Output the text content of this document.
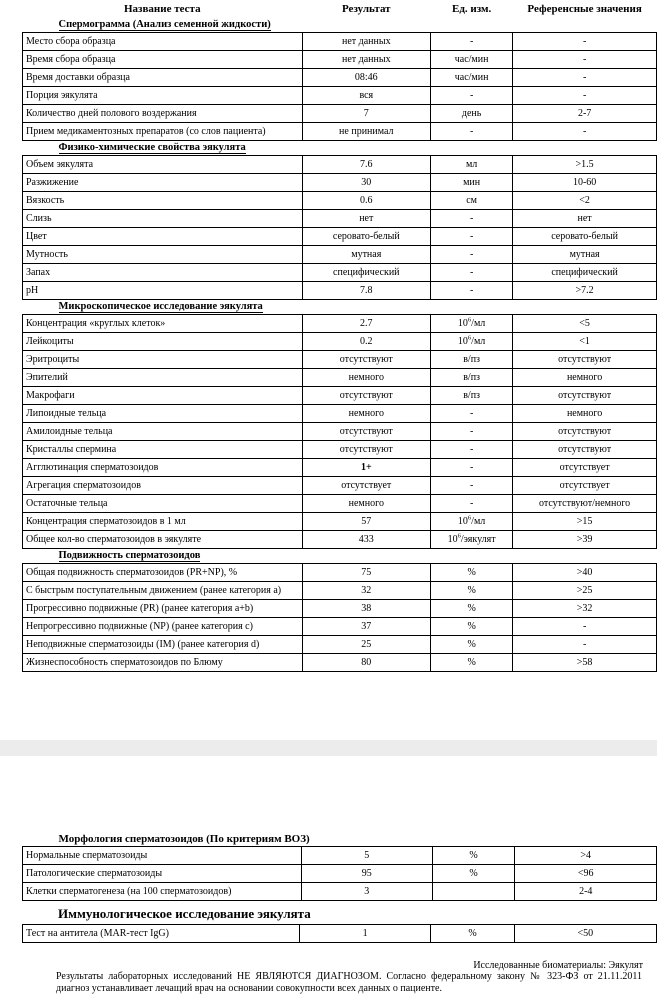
Название теста	Результат	Ед. изм.	Референсные значения
Спермограмма (Анализ семенной жидкости)			
Место сбора образца	нет данных	-	-
Время сбора образца	нет данных	час/мин	-
Время доставки образца	08:46	час/мин	-
Порция эякулята	вся	-	-
Количество дней полового воздержания	7	день	2-7
Прием медикаментозных препаратов (со слов пациента)	не принимал	-	-
Физико-химические свойства эякулята			
Объем эякулята	7.6	мл	>1.5
Разжижение	30	мин	10-60
Вязкость	0.6	см	<2
Слизь	нет	-	нет
Цвет	серовато-белый	-	серовато-белый
Мутность	мутная	-	мутная
Запах	специфический	-	специфический
pH	7.8	-	>7.2
Микроскопическое исследование эякулята			
Концентрация «круглых клеток»	2.7	$10^6/мл$	<5
Лейкоциты	0.2	$10^6/мл$	<1
Эритроциты	отсутствуют	в/пз	отсутствуют
Эпителий	немного	в/пз	немного
Макрофаги	отсутствуют	в/пз	отсутствуют
Липоидные тельца	немного	-	немного
Амилоидные тельца	отсутствуют	-	отсутствуют
Кристаллы спермина	отсутствуют	-	отсутствуют
Агглютинация сперматозоидов	1+	-	отсутствует
Агрегация сперматозоидов	отсутствует	-	отсутствует
Остаточные тельца	немного	-	отсутствуют/немного
Концентрация сперматозоидов в 1 мл	57	$10^6/мл$	>15
Общее кол-во сперматозоидов в эякуляте	433	$10^6$/эякулят	>39
Подвижность сперматозоидов			
Общая подвижность сперматозоидов (PR+NP), %	75	%	>40
С быстрым поступательным движением (ранее категория а)	32	%	>25
Прогрессивно подвижные (PR) (ранее категория a+b)	38	%	>32
Непрогрессивно подвижные (NP) (ранее категория c)	37	%	-
Неподвижные сперматозоиды (IM) (ранее категория d)	25	%	-
Жизнеспособность сперматозоидов по Блюму	80	%	>58
Морфология сперматозоидов (По критериям ВОЗ)			
Нормальные сперматозоиды	5	%	>4
Патологические сперматозоиды	95	%	<96
Клетки сперматогенеза (на 100 сперматозоидов)	3		2-4
Иммунологическое исследование эякулята
Тест на антитела (MAR-тест IgG)	1	%	<50
Исследованные биоматериалы: Эякулят
Результаты лабораторных исследований НЕ ЯВЛЯЮТСЯ ДИАГНОЗОМ. Согласно федеральному закону № 323-ФЗ от 21.11.2011 диагноз устанавливает лечащий врач на основании совокупности всех данных о пациенте.
